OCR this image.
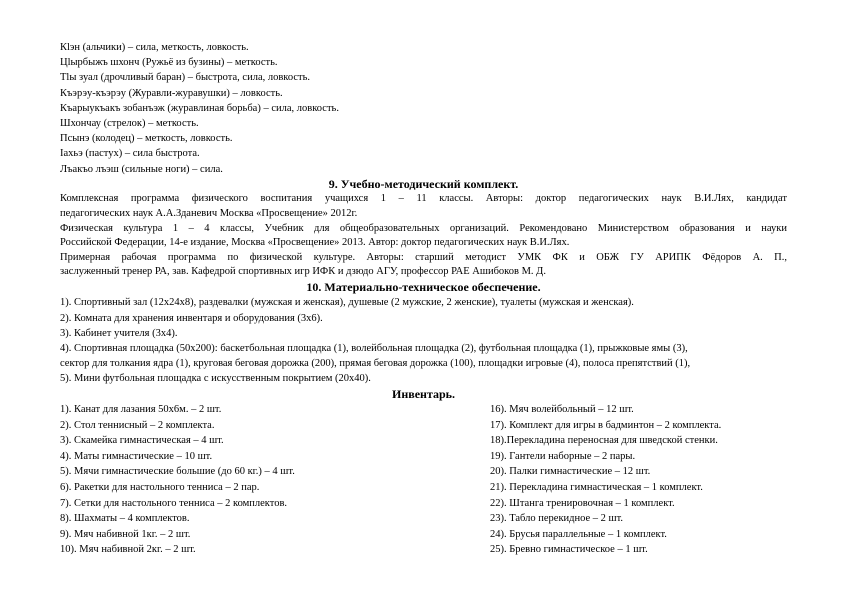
Кlэн (альчики) – сила, меткость, ловкость.
Цlырбыжъ шхонч (Ружьё из бузины) – меткость.
Тlы зуал (дрочливый баран) – быстрота, сила, ловкость.
Къэрэу-къэрэу (Журавли-журавушки) – ловкость.
Къарыукъакъ зобанъэж (журавлиная борьба) – сила, ловкость.
Шхончау (стрелок) – меткость.
Псынэ (колодец) – меткость, ловкость.
Іахьэ (пастух) – сила быстрота.
Лъакъо лъэш (сильные ноги) – сила.
9. Учебно-методический комплект.
Комплексная программа физического воспитания учащихся 1 – 11 классы. Авторы: доктор педагогических наук В.И.Лях, кандидат
педагогических наук А.А.Зданевич Москва «Просвещение» 2012г.
Физическая культура 1 – 4 классы, Учебник для общеобразовательных организаций. Рекомендовано Министерством образования и науки
Российской Федерации, 14-е издание, Москва «Просвещение» 2013. Автор: доктор педагогических наук В.И.Лях.
Примерная рабочая программа по физической культуре. Авторы: старший методист УМК ФК и ОБЖ ГУ АРИПК Фёдоров А. П.,
заслуженный тренер РА, зав. Кафедрой спортивных игр ИФК и дзюдо АГУ, профессор РАЕ Ашибоков М. Д.
10. Материально-техническое обеспечение.
1). Спортивный зал (12x24x8), раздевалки (мужская и женская), душевые (2 мужские, 2 женские), туалеты (мужская и женская).
2). Комната для хранения инвентаря и оборудования (3x6).
3). Кабинет учителя (3x4).
4). Спортивная площадка (50x200): баскетбольная площадка (1), волейбольная площадка (2), футбольная площадка (1), прыжковые ямы (3),
сектор для толкания ядра (1), круговая беговая дорожка (200), прямая беговая дорожка (100), площадки игровые (4), полоса препятствий (1),
5). Мини футбольная площадка с искусственным покрытием (20x40).
Инвентарь.
1). Канат для лазания 50x6м. – 2 шт.
2). Стол теннисный – 2 комплекта.
3). Скамейка гимнастическая – 4 шт.
4). Маты гимнастические – 10 шт.
5). Мячи гимнастические большие (до 60 кг.) – 4 шт.
6). Ракетки для настольного тенниса – 2 пар.
7). Сетки для настольного тенниса – 2 комплектов.
8). Шахматы – 4 комплектов.
9). Мяч набивной 1кг. – 2 шт.
10). Мяч набивной 2кг. – 2 шт.
16). Мяч волейбольный – 12 шт.
17). Комплект для игры в бадминтон – 2 комплекта.
18).Перекладина переносная для шведской стенки.
19). Гантели наборные – 2 пары.
20). Палки гимнастические – 12 шт.
21). Перекладина гимнастическая – 1 комплект.
22). Штанга тренировочная – 1 комплект.
23). Табло перекидное – 2 шт.
24). Брусья параллельные – 1 комплект.
25). Бревно гимнастическое – 1 шт.
